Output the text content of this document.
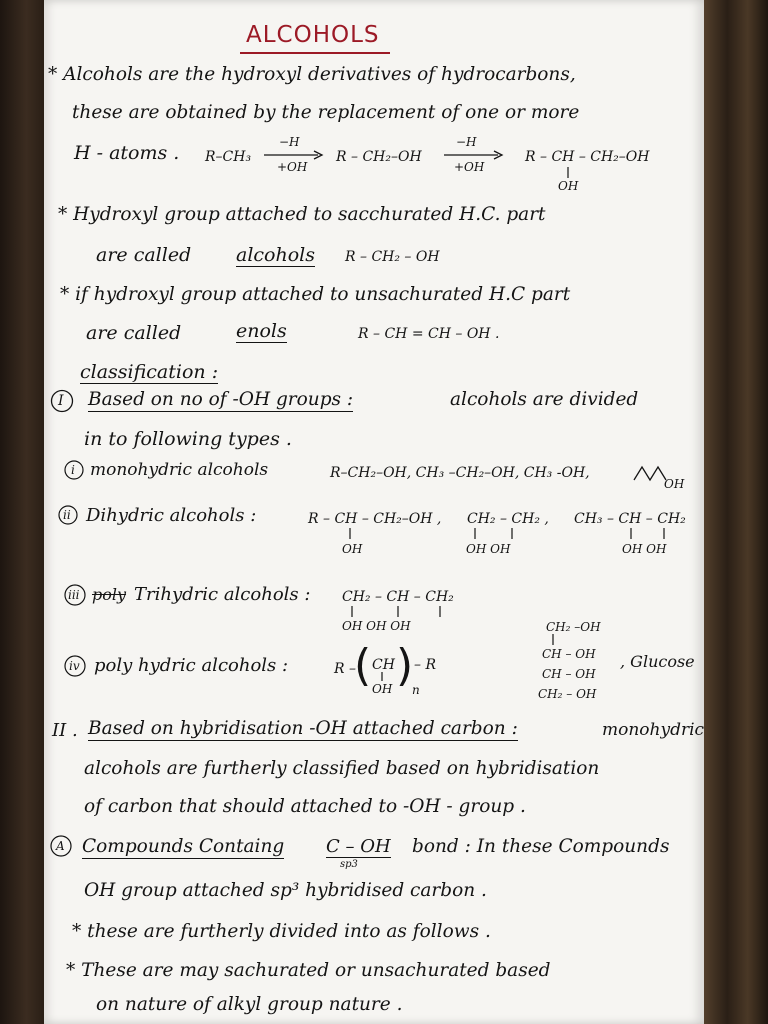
ALCOHOLS
* Alcohols are the hydroxyl derivatives of hydrocarbons,
these are obtained by the replacement of one or more
H - atoms . R–CH₃
−H
+OH
R – CH₂–OH
−H
+OH
R – CH – CH₂–OH
OH
* Hydroxyl group attached to sacchurated H.C. part
are called alcohols R – CH₂ – OH
* if hydroxyl group attached to unsachurated H.C part
are called	enols	R – CH = CH – OH .
classification :
I Based on no of -OH groups :	alcohols are divided
in to following types .
i monohydric alcohols	R–CH₂–OH, CH₃ –CH₂–OH, CH₃ -OH,
OH
ii Dihydric alcohols :	R – CH – CH₂–OH ,
OH
CH₂ – CH₂ ,
OH OH
CH₃ – CH – CH₂
OH OH
iii poly Trihydric alcohols : CH₂ – CH – CH₂
OH OH OH
iv poly hydric alcohols :	R –
( CH
OH )
n
– R
CH₂ –OH
CH – OH
CH – OH
CH₂ – OH
, Glucose
II . Based on hybridisation -OH attached carbon :	monohydric
alcohols are furtherly classified based on hybridisation
of carbon that should attached to -OH - group .
A Compounds Containg C – OH
sp3
bond : In these Compounds
OH group attached sp³ hybridised carbon .
* these are furtherly divided into as follows .
* These are may sachurated or unsachurated based
on nature of alkyl group nature .
